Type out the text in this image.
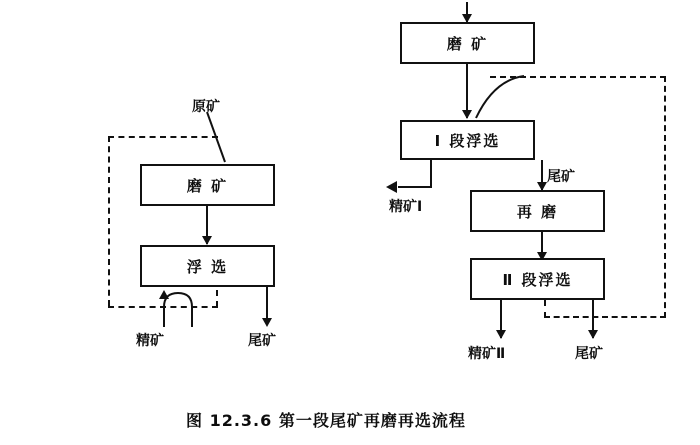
原矿
磨 矿
浮 选
精矿	尾矿
磨 矿
Ⅰ 段浮选
精矿Ⅰ
尾矿
再 磨
Ⅱ 段浮选
精矿Ⅱ	尾矿
图 12.3.6 第一段尾矿再磨再选流程
